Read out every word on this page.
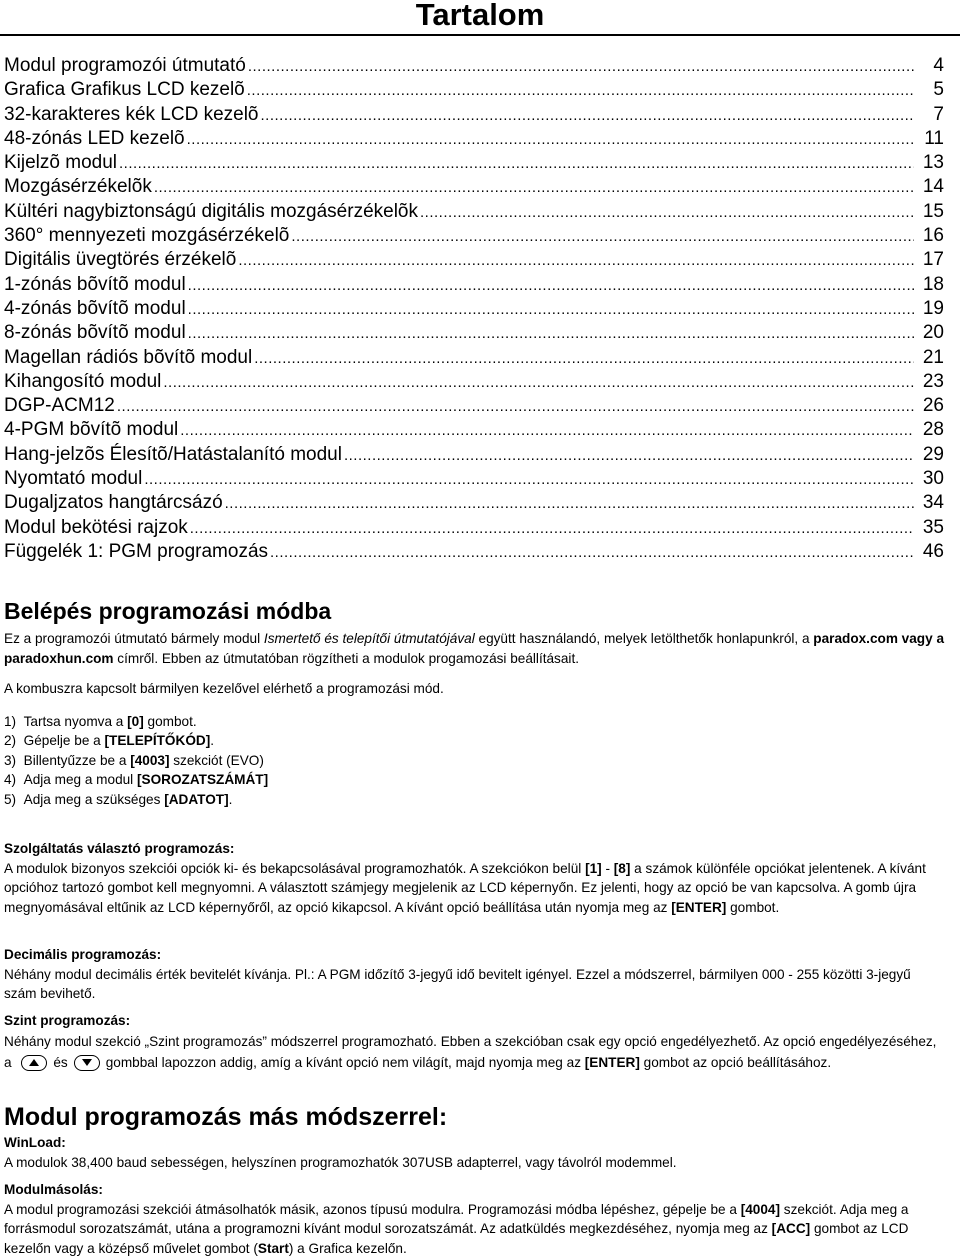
Tartalom
Modul programozói útmutató .....	4
Grafica Grafikus LCD kezelõ .....	5
32-karakteres kék LCD kezelõ .....	7
48-zónás LED kezelõ .....	11
Kijelzõ modul .....	13
Mozgásérzékelõk .....	14
Kültéri nagybiztonságú digitális mozgásérzékelõk .....	15
360° mennyezeti mozgásérzékelõ .....	16
Digitális üvegtörés érzékelõ .....	17
1-zónás bõvítõ modul .....	18
4-zónás bõvítõ modul .....	19
8-zónás bõvítõ modul .....	20
Magellan rádiós bõvítõ modul .....	21
Kihangosító modul .....	23
DGP-ACM12 .....	26
4-PGM bõvítõ modul .....	28
Hang-jelzõs Élesítõ/Hatástalanító modul .....	29
Nyomtató modul .....	30
Dugaljzatos hangtárcsázó .....	34
Modul bekötési rajzok .....	35
Függelék 1: PGM programozás .....	46
Belépés programozási módba

Ez a programozói útmutató bármely modul Ismertető és telepítői útmutatójával együtt használandó, melyek letölthetők honlapunkról, a paradox.com vagy a paradoxhun.com címről. Ebben az útmutatóban rögzítheti a modulok progamozási beállításait.

A kombuszra kapcsolt bármilyen kezelővel elérhető a programozási mód.

1)  Tartsa nyomva a [0] gombot.
2)  Gépelje be a [TELEPÍTŐKÓD].
3)  Billentyűzze be a [4003] szekciót (EVO)
4)  Adja meg a modul [SOROZATSZÁMÁT]
5)  Adja meg a szükséges [ADATOT].

Szolgáltatás választó programozás:

A modulok bizonyos szekciói opciók ki- és bekapcsolásával programozhatók. A szekciókon belül [1] - [8] a számok különféle opciókat jelentenek. A kívánt opcióhoz tartozó gombot kell megnyomni. A választott számjegy megjelenik az LCD képernyőn. Ez jelenti, hogy az opció be van kapcsolva. A gomb újra megnyomásával eltűnik az LCD képernyőről, az opció kikapcsol. A kívánt opció beállítása után nyomja meg az [ENTER] gombot.

Decimális programozás:

Néhány modul decimális érték bevitelét kívánja. Pl.: A PGM időzítő 3-jegyű idő bevitelt igényel. Ezzel a módszerrel, bármilyen 000 - 255 közötti 3-jegyű szám bevihető.

Szint programozás:

Néhány modul szekció „Szint programozás” módszerrel programozható. Ebben a szekcióban csak egy opció engedélyezhető. Az opció engedélyezéséhez, a	és	gombbal lapozzon addig, amíg a kívánt opció nem világít, majd nyomja meg az [ENTER] gombot az opció beállításához.

Modul programozás más módszerrel:

WinLoad:

A modulok 38,400 baud sebességen, helyszínen programozhatók 307USB adapterrel, vagy távolról modemmel.

Modulmásolás:

A modul programozási szekciói átmásolhatók másik, azonos típusú modulra. Programozási módba lépéshez, gépelje be a [4004] szekciót. Adja meg a forrásmodul sorozatszámát, utána a programozni kívánt modul sorozatszámát. Az adatküldés megkezdéséhez, nyomja meg az [ACC] gombot az LCD kezelőn vagy a középső művelet gombot (Start) a Grafica kezelőn.
